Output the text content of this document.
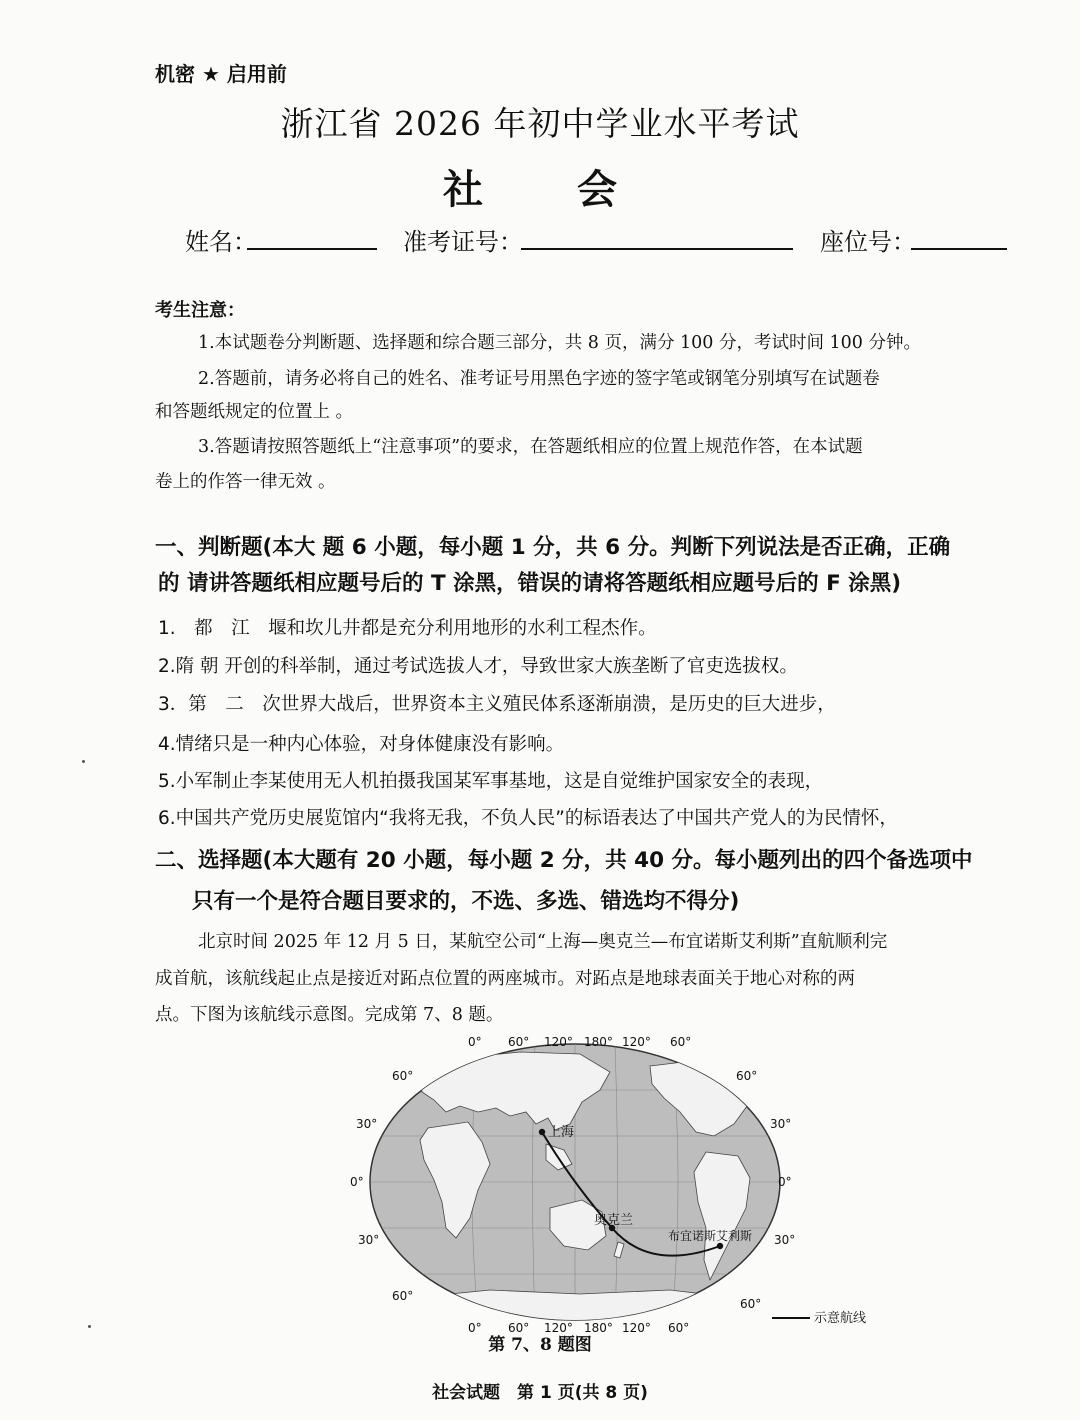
机密 ★ 启用前
浙江省 2026 年初中学业水平考试
社 会
姓名：	准考证号：	座位号：
考生注意：
1.本试题卷分判断题、选择题和综合题三部分，共 8 页，满分 100 分，考试时间 100 分钟。
2.答题前，请务必将自己的姓名、准考证号用黑色字迹的签字笔或钢笔分别填写在试题卷
和答题纸规定的位置上 。
3.答题请按照答题纸上“注意事项”的要求，在答题纸相应的位置上规范作答，在本试题
卷上的作答一律无效 。
一、判断题(本大 题 6 小题，每小题 1 分，共 6 分。判断下列说法是否正确，正确
的 请讲答题纸相应题号后的 T 涂黑，错误的请将答题纸相应题号后的 F 涂黑)
1.　都　江　堰和坎儿井都是充分利用地形的水利工程杰作。
2.隋 朝 开创的科举制，通过考试选拔人才，导致世家大族垄断了官吏选拔权。
3．第　二　次世界大战后，世界资本主义殖民体系逐渐崩溃，是历史的巨大进步，
4.情绪只是一种内心体验，对身体健康没有影响。
5.小军制止李某使用无人机拍摄我国某军事基地，这是自觉维护国家安全的表现，
6.中国共产党历史展览馆内“我将无我，不负人民”的标语表达了中国共产党人的为民情怀，
二、选择题(本大题有 20 小题，每小题 2 分，共 40 分。每小题列出的四个备选项中
只有一个是符合题目要求的，不选、多选、错选均不得分)
北京时间 2025 年 12 月 5 日，某航空公司“上海—奥克兰—布宜诺斯艾利斯”直航顺利完
成首航，该航线起止点是接近对跖点位置的两座城市。对跖点是地球表面关于地心对称的两
点。下图为该航线示意图。完成第 7、8 题。
上海
奥克兰
布宜诺斯艾利斯
0° 60° 120° 180° 120° 60°
0° 60° 120° 180° 120° 60°
60°
30°
0°
30°
60°
60°
30°
0°
30°
60°
示意航线
第 7、8 题图
社会试题　第 1 页(共 8 页)
